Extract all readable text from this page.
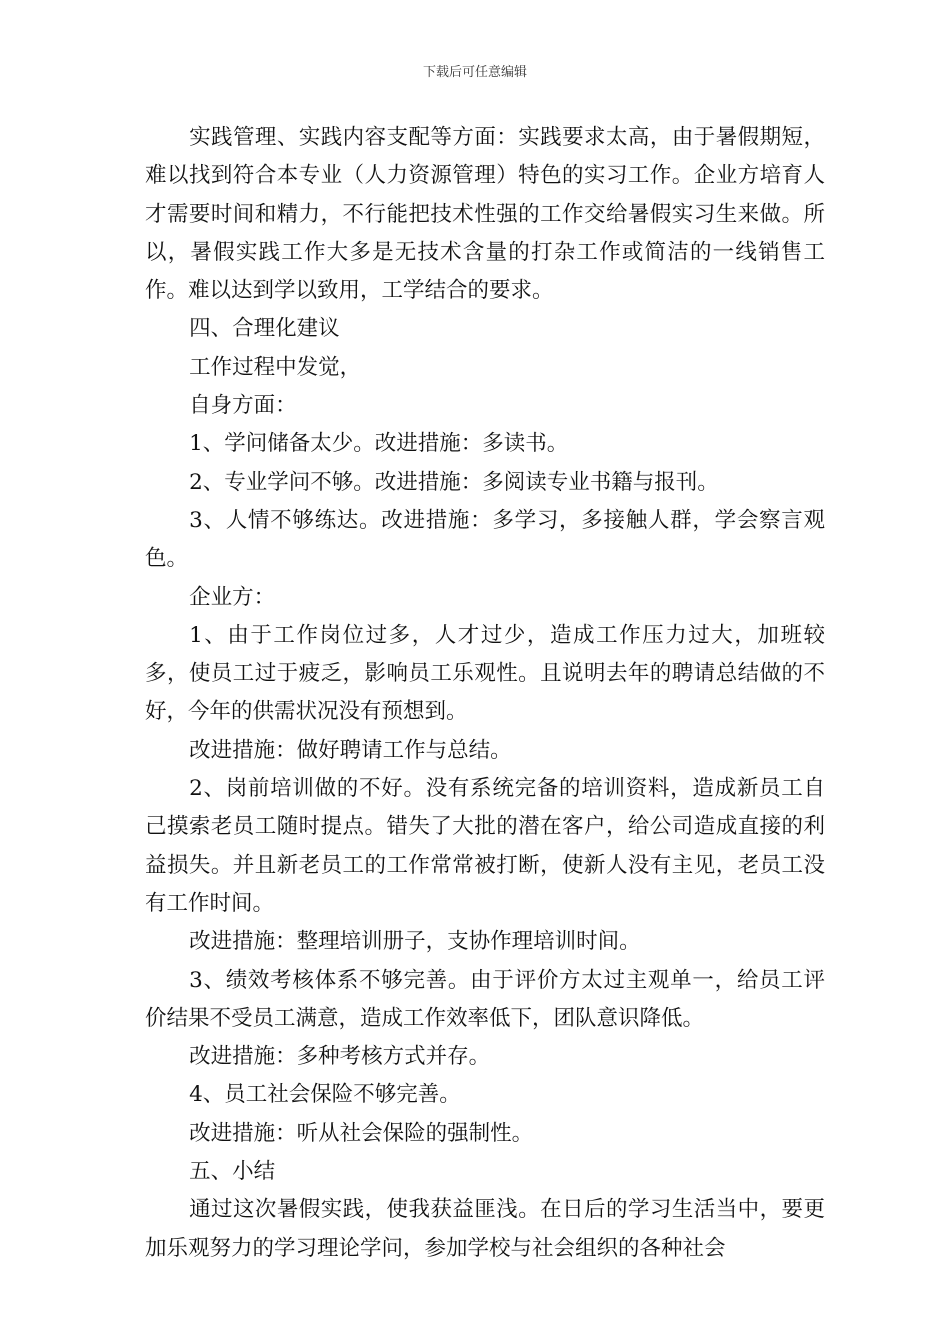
下载后可任意编辑

实践管理、实践内容支配等方面：实践要求太高，由于暑假期短，难以找到符合本专业（人力资源管理）特色的实习工作。企业方培育人才需要时间和精力，不行能把技术性强的工作交给暑假实习生来做。所以，暑假实践工作大多是无技术含量的打杂工作或简洁的一线销售工作。难以达到学以致用，工学结合的要求。

四、合理化建议

工作过程中发觉，

自身方面：

1、学问储备太少。改进措施：多读书。

2、专业学问不够。改进措施：多阅读专业书籍与报刊。

3、人情不够练达。改进措施：多学习，多接触人群，学会察言观色。

企业方：

1、由于工作岗位过多，人才过少，造成工作压力过大，加班较多，使员工过于疲乏，影响员工乐观性。且说明去年的聘请总结做的不好，今年的供需状况没有预想到。

改进措施：做好聘请工作与总结。

2、岗前培训做的不好。没有系统完备的培训资料，造成新员工自己摸索老员工随时提点。错失了大批的潜在客户，给公司造成直接的利益损失。并且新老员工的工作常常被打断，使新人没有主见，老员工没有工作时间。

改进措施：整理培训册子，支协作理培训时间。

3、绩效考核体系不够完善。由于评价方太过主观单一，给员工评价结果不受员工满意，造成工作效率低下，团队意识降低。

改进措施：多种考核方式并存。

4、员工社会保险不够完善。

改进措施：听从社会保险的强制性。

五、小结

通过这次暑假实践，使我获益匪浅。在日后的学习生活当中，要更加乐观努力的学习理论学问，参加学校与社会组织的各种社会
